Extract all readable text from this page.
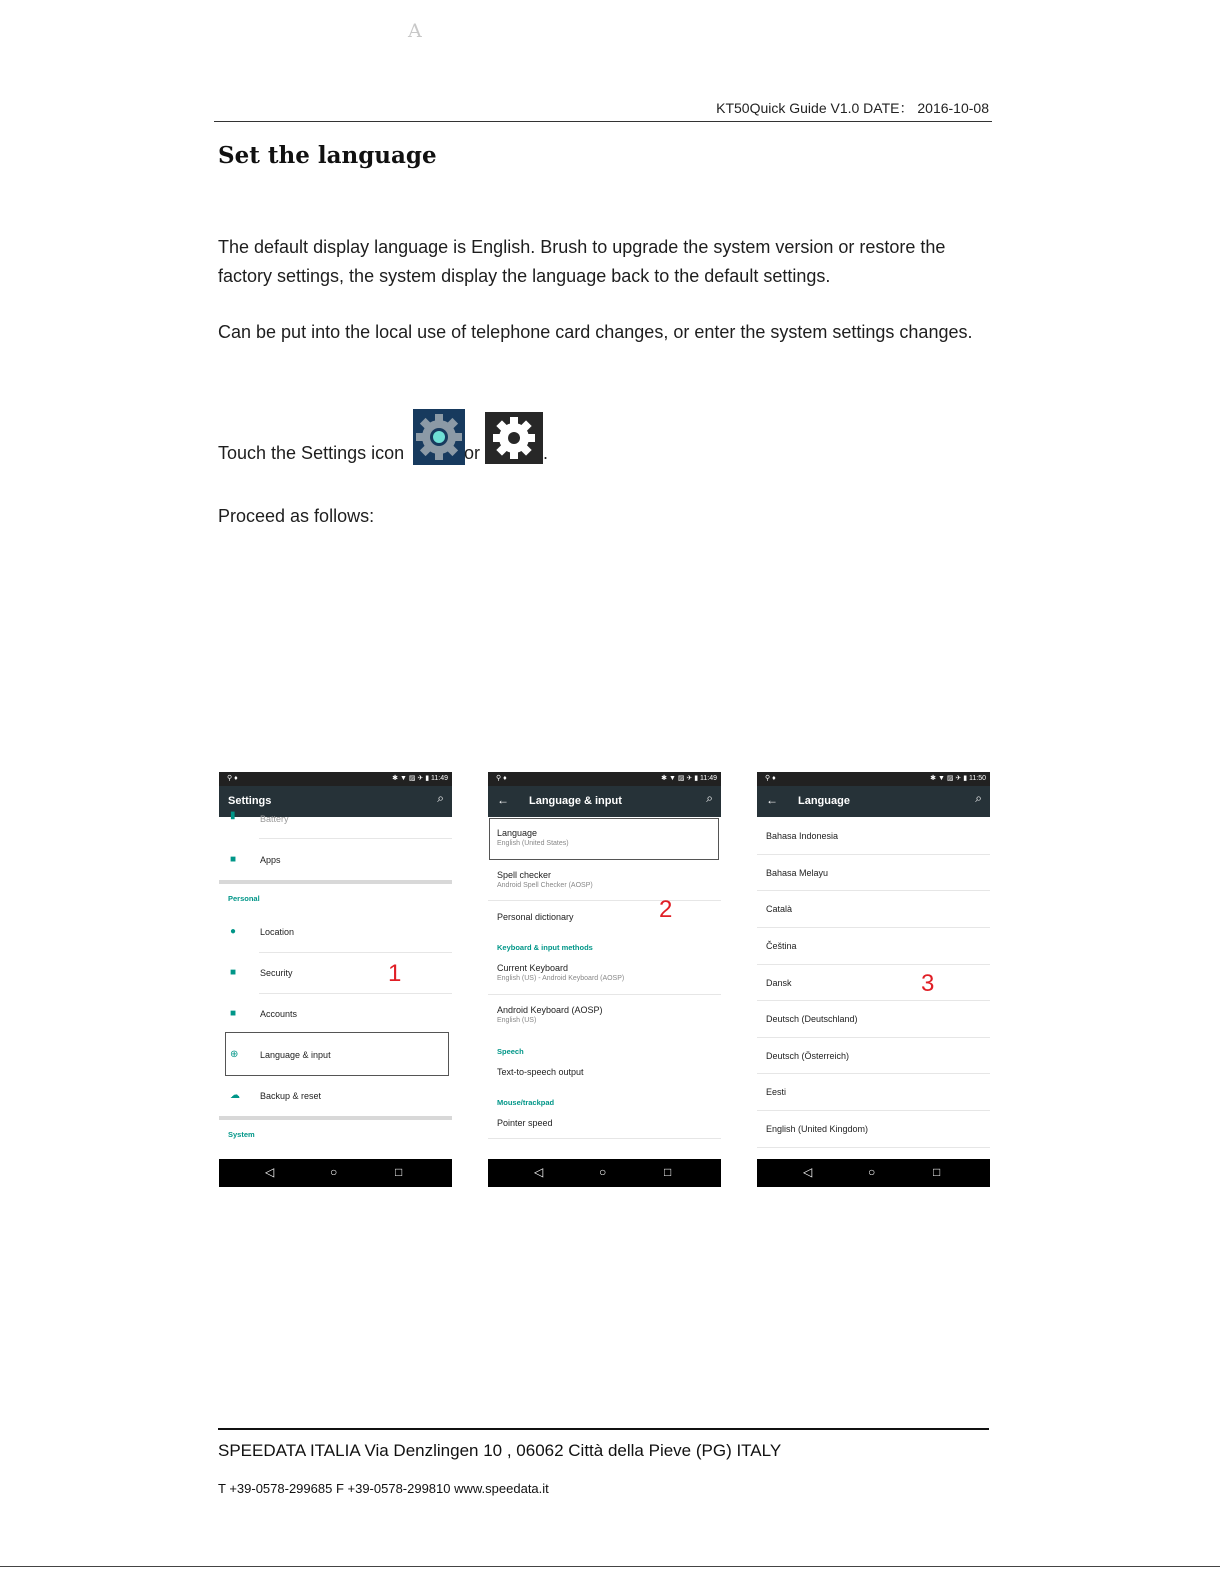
A
KT50Quick Guide V1.0 DATE： 2016-10-08
Set the language
The default display language is English. Brush to upgrade the system version or restore the factory settings, the system display the language back to the default settings.
Can be put into the local use of telephone card changes, or enter the system settings changes.
Touch the Settings icon	or	.
Proceed as follows:
⚲ ♦	✱ ▼ ▨ ✈ ▮ 11:49
Settings	⌕
Battery
▮
■	Apps
Personal
●	Location
■	Security
■	Accounts
⊕ Language & input
☁ Backup & reset
System
◁	○	□
1
⚲ ♦	✱ ▼ ▨ ✈ ▮ 11:49
← Language & input	⌕
Language
English (United States)
Spell checker
Android Spell Checker (AOSP)
Personal dictionary
Keyboard & input methods
Current Keyboard
English (US) - Android Keyboard (AOSP)
Android Keyboard (AOSP)
English (US)
Speech
Text-to-speech output
Mouse/trackpad
Pointer speed
◁	○	□
2
⚲ ♦	✱ ▼ ▨ ✈ ▮ 11:50
← Language	⌕
Bahasa Indonesia
Bahasa Melayu
Català
Čeština
Dansk
Deutsch (Deutschland)
Deutsch (Österreich)
Eesti
English (United Kingdom)
◁	○	□
3
SPEEDATA ITALIA Via Denzlingen 10 , 06062 Città della Pieve (PG) ITALY
T +39-0578-299685 F +39-0578-299810 www.speedata.it
